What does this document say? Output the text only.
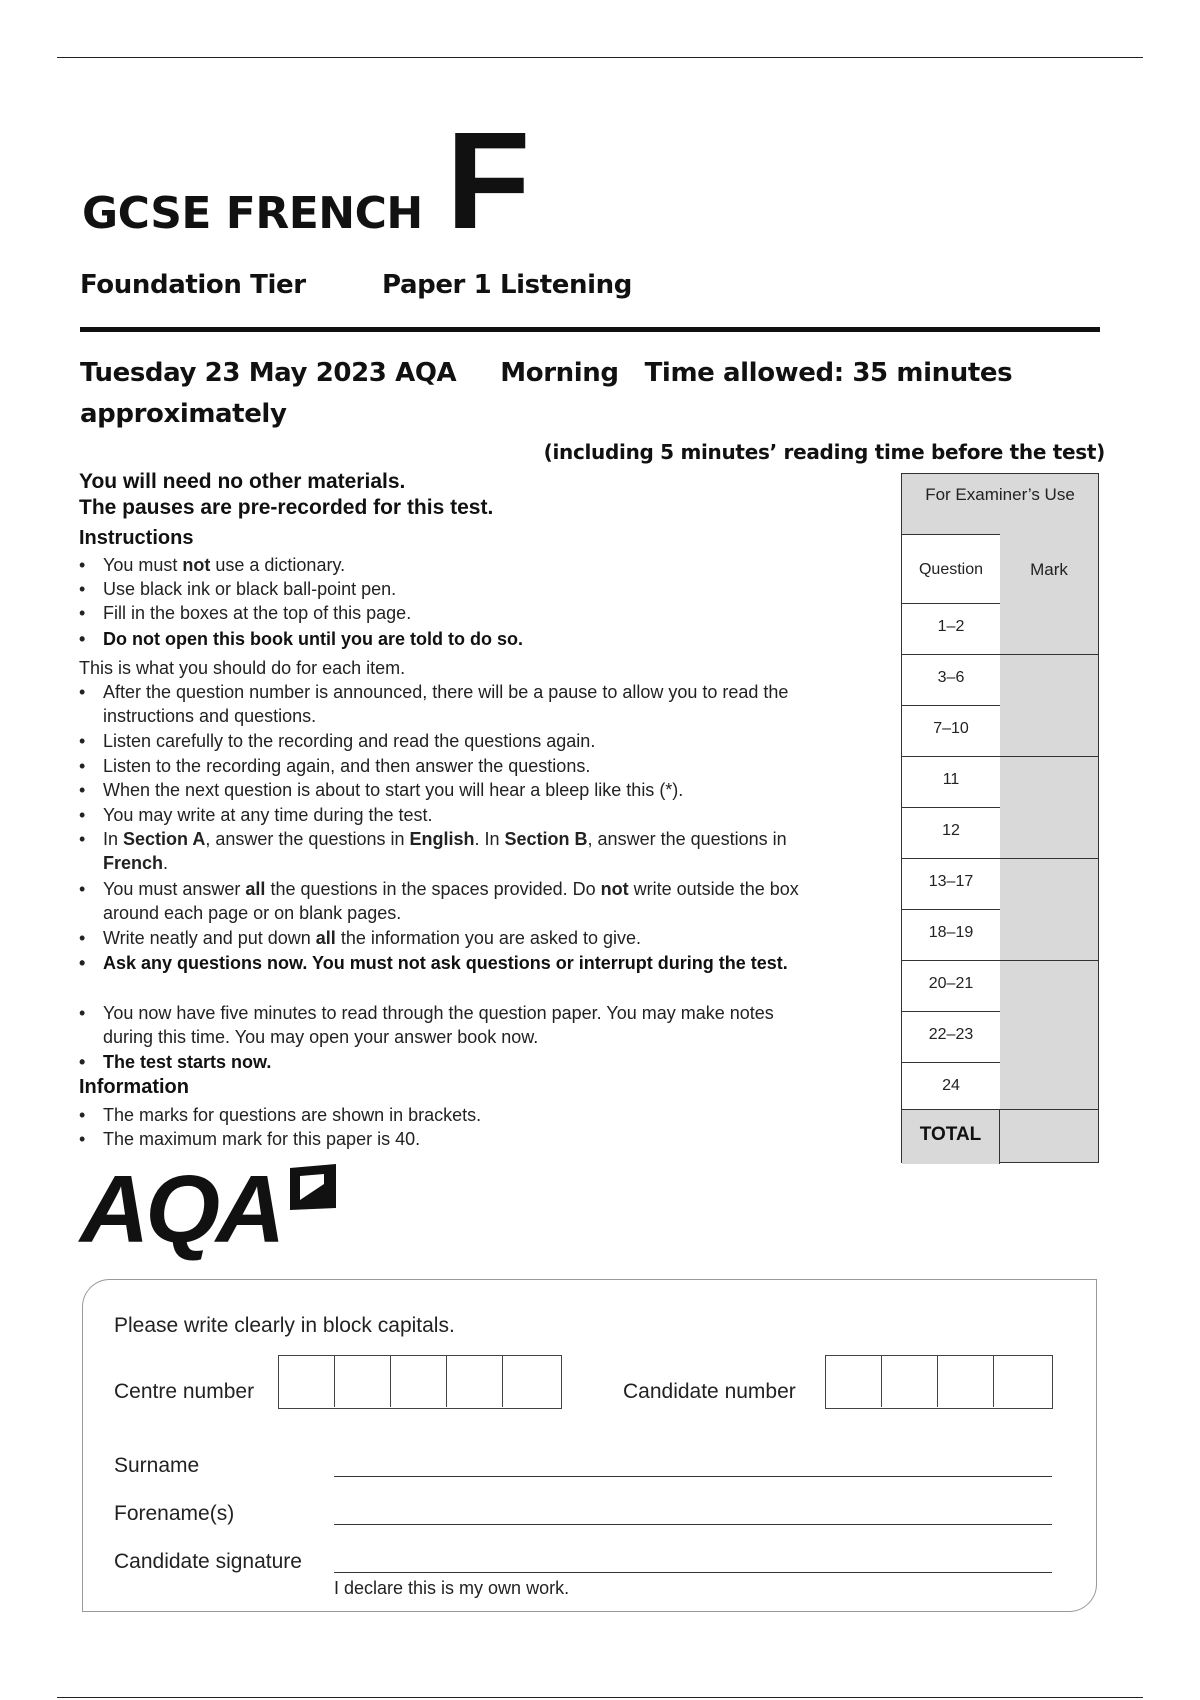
GCSE FRENCH F
Foundation Tier	Paper 1 Listening
Tuesday 23 May 2023 AQA Morning Time allowed: 35 minutes
approximately
(including 5 minutes’ reading time before the test)
You will need no other materials.
The pauses are pre-recorded for this test.
Instructions
• You must not use a dictionary.
• Use black ink or black ball-point pen.
• Fill in the boxes at the top of this page.
• Do not open this book until you are told to do so.
This is what you should do for each item.
• After the question number is announced, there will be a pause to allow you to read the
instructions and questions.
• Listen carefully to the recording and read the questions again.
• Listen to the recording again, and then answer the questions.
• When the next question is about to start you will hear a bleep like this (*).
• You may write at any time during the test.
• In Section A, answer the questions in English. In Section B, answer the questions in
French.
• You must answer all the questions in the spaces provided. Do not write outside the box
around each page or on blank pages.
• Write neatly and put down all the information you are asked to give.
• Ask any questions now. You must not ask questions or interrupt during the test.
• You now have five minutes to read through the question paper. You may make notes
during this time. You may open your answer book now.
• The test starts now.
Information
• The marks for questions are shown in brackets.
• The maximum mark for this paper is 40.
Question	Mark
1–2
3–6
7–10
11
12
13–17
18–19
20–21
22–23
24
TOTAL
For Examiner’s Use
AQA
Please write clearly in block capitals.
Centre number	Candidate number
Surname
Forename(s)
Candidate signature
I declare this is my own work.
